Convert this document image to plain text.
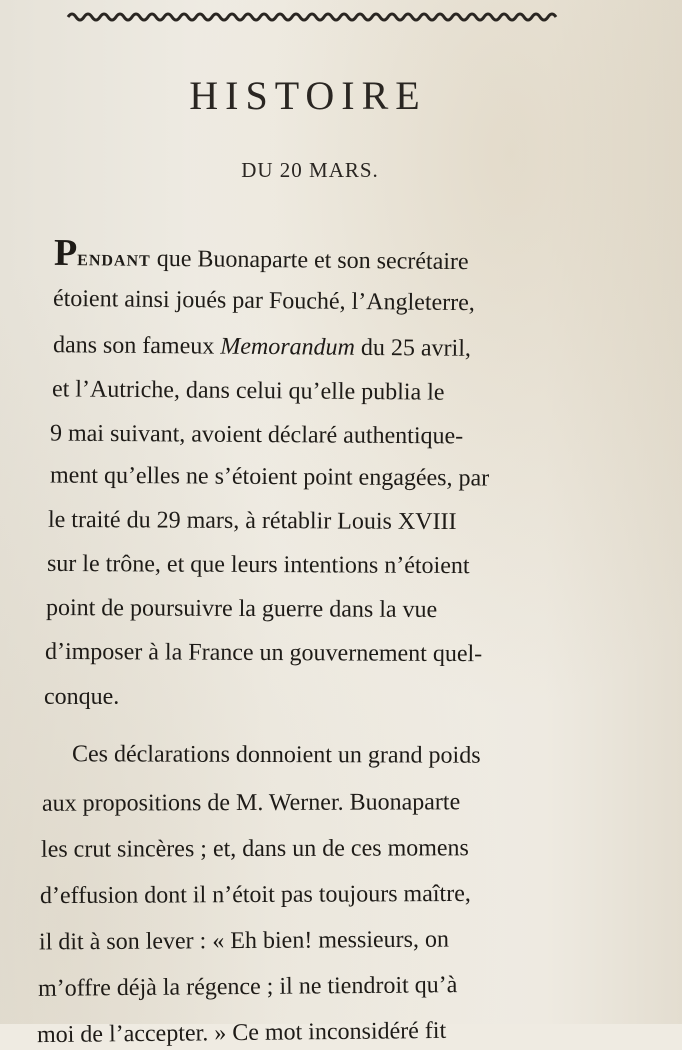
HISTOIRE
DU 20 MARS.
PENDANT que Buonaparte et son secrétaire
étoient ainsi joués par Fouché, l’Angleterre,
dans son fameux Memorandum du 25 avril,
et l’Autriche, dans celui qu’elle publia le
9 mai suivant, avoient déclaré authentique-
ment qu’elles ne s’étoient point engagées, par
le traité du 29 mars, à rétablir Louis XVIII
sur le trône, et que leurs intentions n’étoient
point de poursuivre la guerre dans la vue
d’imposer à la France un gouvernement quel-
conque.
Ces déclarations donnoient un grand poids
aux propositions de M. Werner. Buonaparte
les crut sincères ; et, dans un de ces momens
d’effusion dont il n’étoit pas toujours maître,
il dit à son lever : « Eh bien! messieurs, on
m’offre déjà la régence ; il ne tiendroit qu’à
moi de l’accepter. » Ce mot inconsidéré fit
